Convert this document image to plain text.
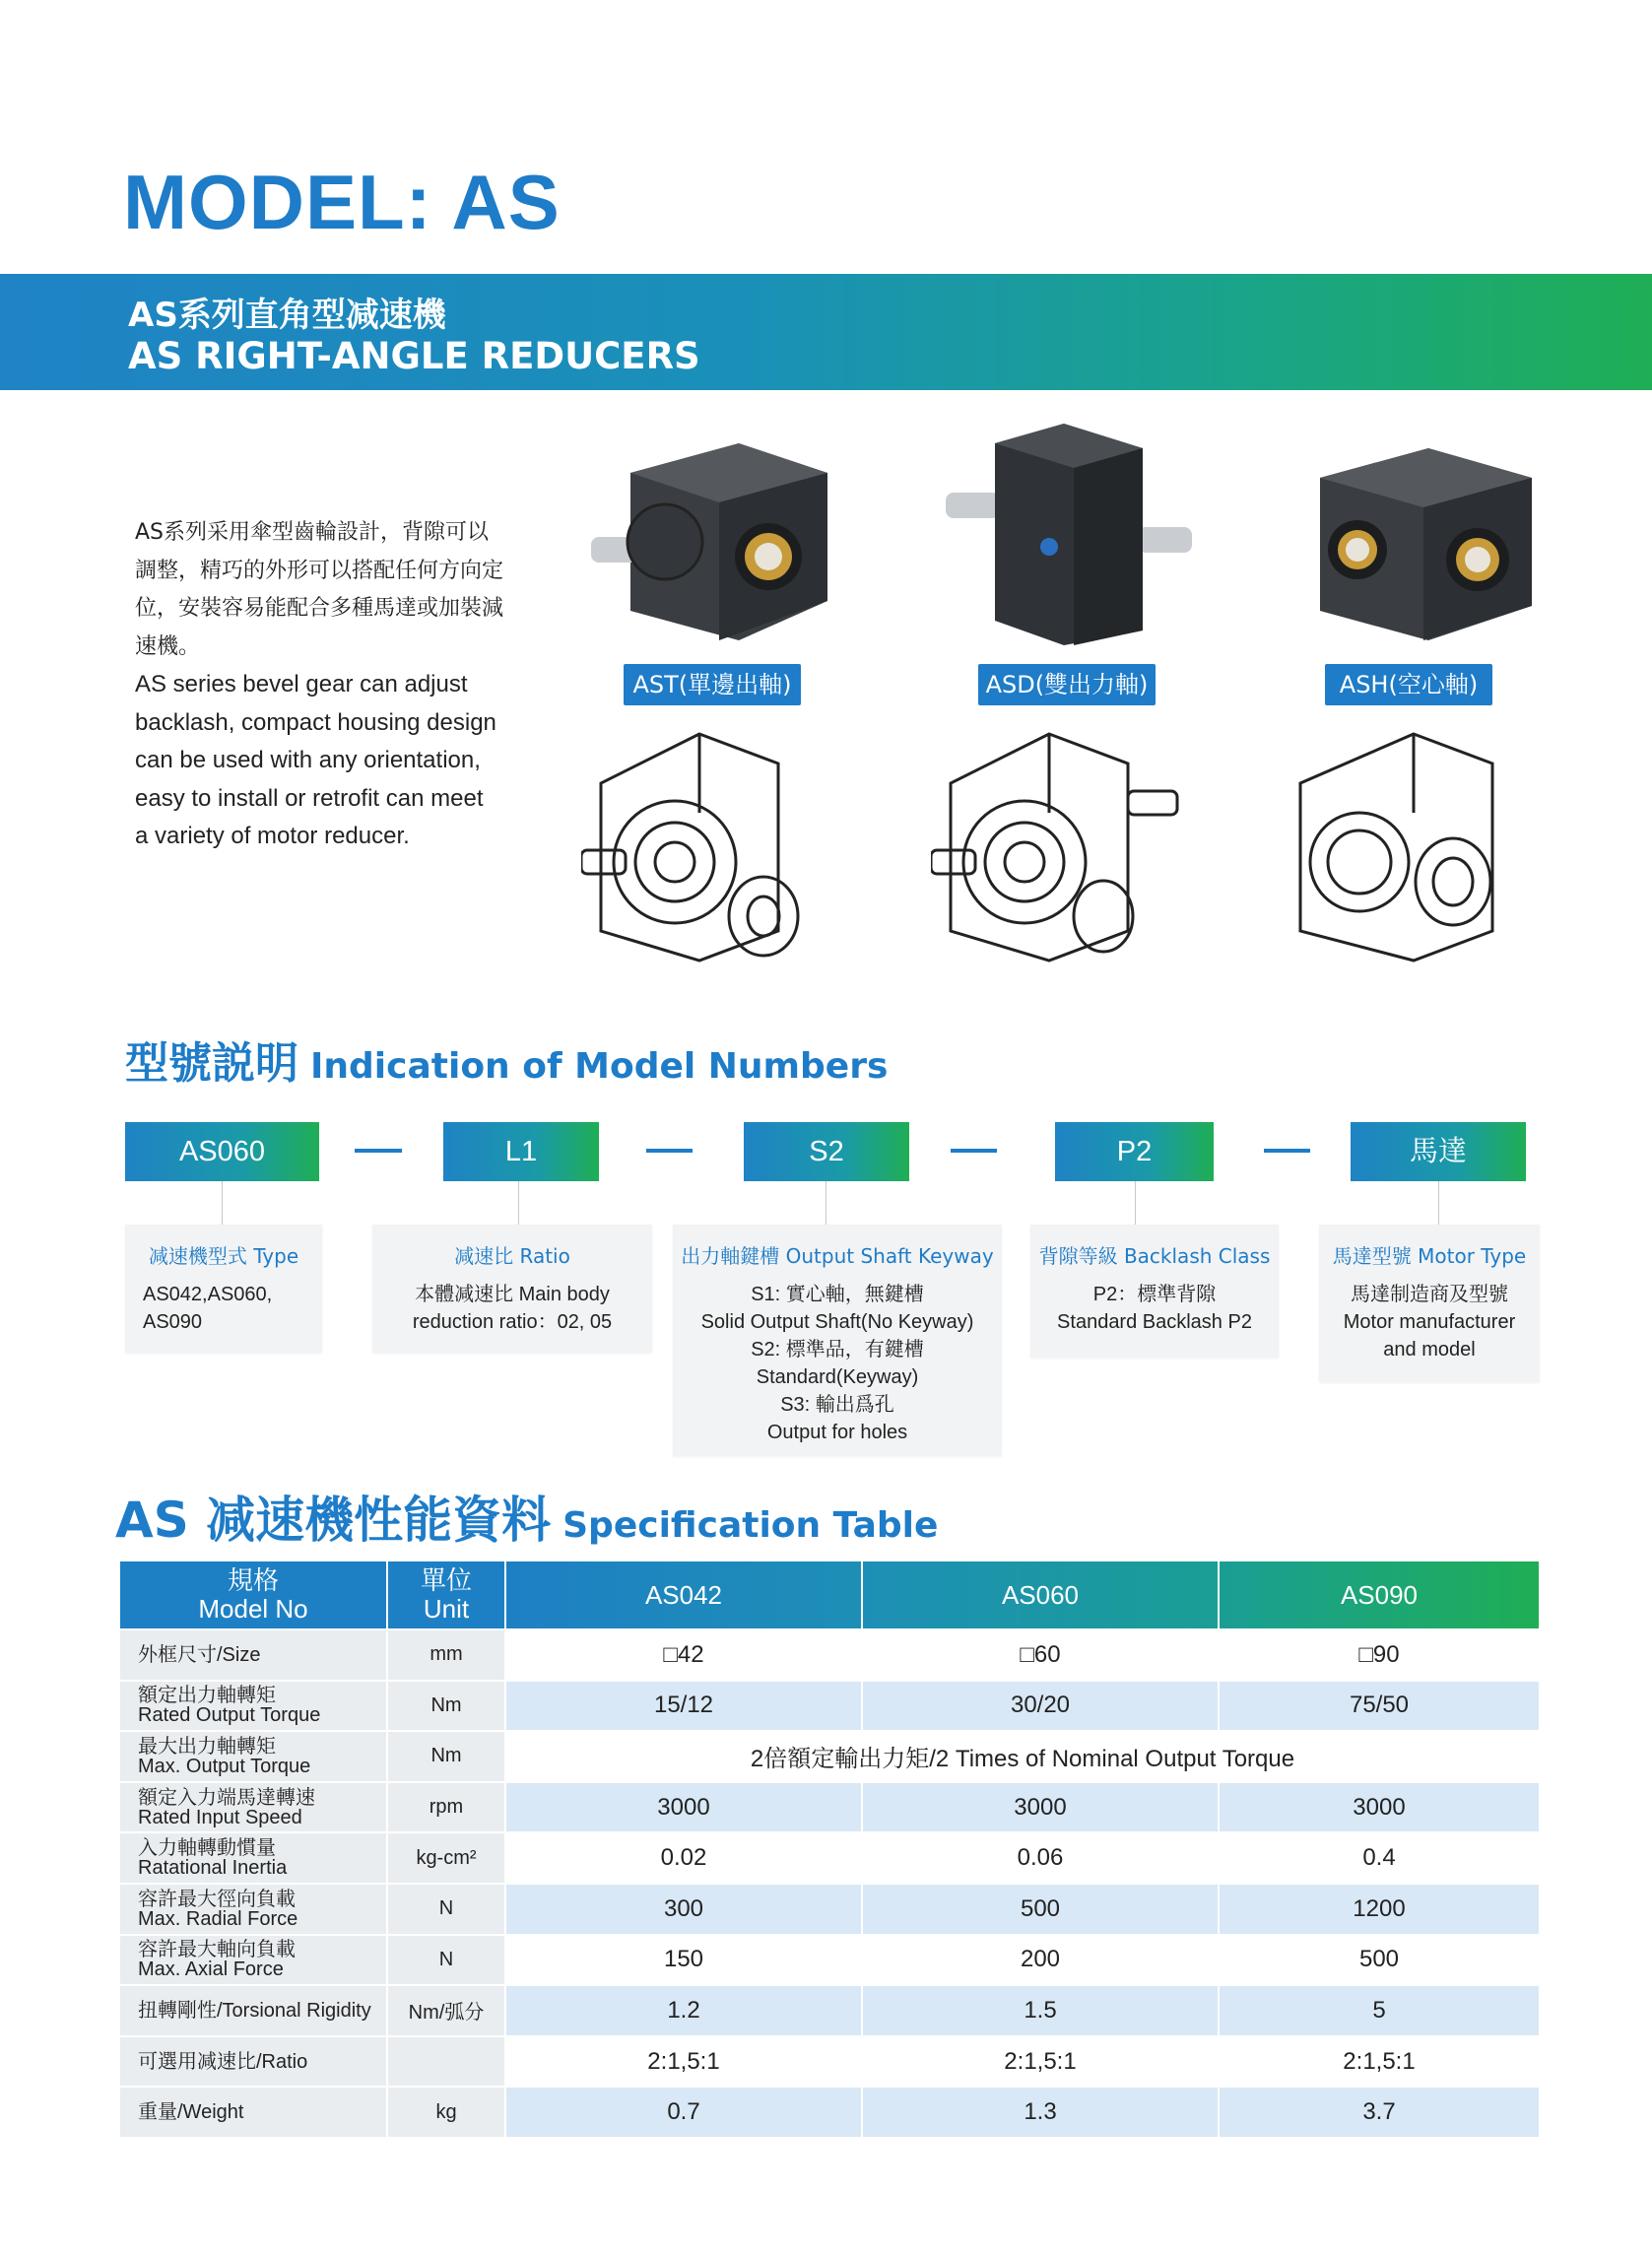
MODEL: AS
AS系列直角型减速機
AS RIGHT-ANGLE REDUCERS
AS系列采用傘型齒輪設計，背隙可以
調整，精巧的外形可以搭配任何方向定
位，安裝容易能配合多種馬達或加裝減
速機。
AS series bevel gear can adjust
backlash, compact housing design
can be used with any orientation,
easy to install or retrofit can meet
a variety of motor reducer.
AST(單邊出軸)	ASD(雙出力軸)	ASH(空心軸)
型號説明 Indication of Model Numbers
AS060	L1	S2	P2	馬達
减速機型式 Type
AS042,AS060,
AS090
减速比 Ratio
本體减速比 Main body
reduction ratio：02, 05
出力軸鍵槽 Output Shaft Keyway
S1: 實心軸，無鍵槽
Solid Output Shaft(No Keyway)
S2: 標準品，有鍵槽
Standard(Keyway)
S3: 輸出爲孔
Output for holes
背隙等級 Backlash Class
P2：標準背隙
Standard Backlash P2
馬達型號 Motor Type
馬達制造商及型號
Motor manufacturer
and model
AS 减速機性能資料 Specification Table
規格
Model No	單位
Unit	AS042	AS060	AS090

外框尺寸/Size	mm	□42	□60	□90

額定出力軸轉矩
Rated Output Torque	Nm	15/12	30/20	75/50

最大出力軸轉矩
Max. Output Torque	Nm	2倍額定輸出力矩/2 Times of Nominal Output Torque		

額定入力端馬達轉速
Rated Input Speed	rpm	3000	3000	3000

入力軸轉動慣量
Ratational Inertia	kg-cm²	0.02	0.06	0.4

容許最大徑向負載
Max. Radial Force	N	300	500	1200

容許最大軸向負載
Max. Axial Force	N	150	200	500

扭轉剛性/Torsional Rigidity	Nm/弧分	1.2	1.5	5

可選用减速比/Ratio		2:1,5:1	2:1,5:1	2:1,5:1

重量/Weight	kg	0.7	1.3	3.7
